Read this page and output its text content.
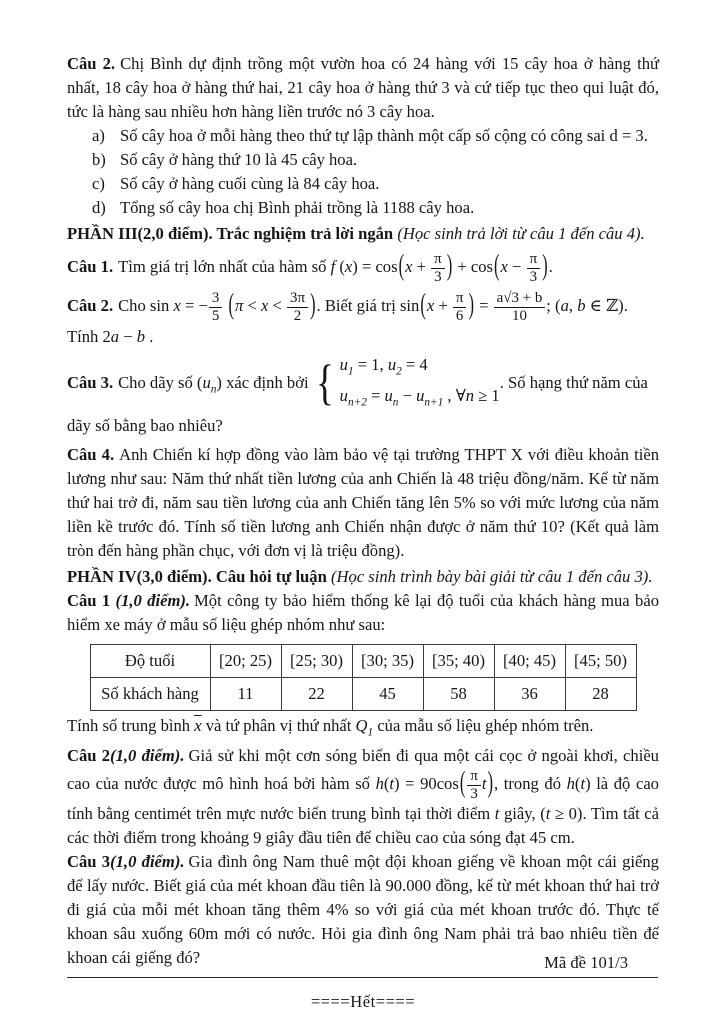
Câu 2. Chị Bình dự định trồng một vườn hoa có 24 hàng với 15 cây hoa ở hàng thứ nhất, 18 cây hoa ở hàng thứ hai, 21 cây hoa ở hàng thứ 3 và cứ tiếp tục theo qui luật đó, tức là hàng sau nhiều hơn hàng liền trước nó 3 cây hoa.

a) Số cây hoa ở mỗi hàng theo thứ tự lập thành một cấp số cộng có công sai d = 3.

b) Số cây ở hàng thứ 10 là 45 cây hoa.

c) Số cây ở hàng cuối cùng là 84 cây hoa.

d) Tổng số cây hoa chị Bình phải trồng là 1188 cây hoa.

PHẦN III(2,0 điểm). Trắc nghiệm trả lời ngắn (Học sinh trả lời từ câu 1 đến câu 4).

Câu 1. Tìm giá trị lớn nhất của hàm số f $(x) = \cos(x + \frac{\pi}{3}$ ) + $\cos(x - \frac{\pi}{3}$ ).

Câu 2. Cho sin x = − $\frac{3}{5} (\pi < x < \frac{3\pi}{2}$ ). Biết giá trị $\sin(x + \frac{\pi}{6}$ ) = $\frac{a√3 + b}{10}$ ; (a, b ∈ ℤ). Tính 2a − b .

Câu 3. Cho dãy số $(u_n)$ xác định bởi { $u_1 = 1$, $u_2 = 4$
$u_{n+2} = u_n - u_{n+1}$ , ∀n ≥ 1
. Số hạng thứ năm của dãy số bằng bao nhiêu?

Câu 4. Anh Chiến kí hợp đồng vào làm bảo vệ tại trường THPT X với điều khoản tiền lương như sau: Năm thứ nhất tiền lương của anh Chiến là 48 triệu đồng/năm. Kể từ năm thứ hai trở đi, năm sau tiền lương của anh Chiến tăng lên 5% so với mức lương của năm liền kề trước đó. Tính số tiền lương anh Chiến nhận được ở năm thứ 10? (Kết quả làm tròn đến hàng phần chục, với đơn vị là triệu đồng).

PHẦN IV(3,0 điểm). Câu hỏi tự luận (Học sinh trình bày bài giải từ câu 1 đến câu 3).

Câu 1 (1,0 điểm). Một công ty bảo hiểm thống kê lại độ tuổi của khách hàng mua bảo hiểm xe máy ở mẫu số liệu ghép nhóm như sau:

Độ tuổi	[20; 25)	[25; 30)	[30; 35)	[35; 40)	[40; 45)	[45; 50)
Số khách hàng	11	22	45	58	36	28

Tính số trung bình $\overline{x}$ và tứ phân vị thứ nhất $Q_1$ của mẫu số liệu ghép nhóm trên.

Câu 2(1,0 điểm). Giả sử khi một cơn sóng biển đi qua một cái cọc ở ngoài khơi, chiều cao của nước được mô hình hoá bởi hàm số $h(t) = 90\cos( \frac{\pi}{3} t)$, trong đó h(t) là độ cao tính bằng centimét trên mực nước biển trung bình tại thời điểm t giây, (t ≥ 0). Tìm tất cả các thời điểm trong khoảng 9 giây đầu tiên để chiều cao của sóng đạt 45 cm.

Câu 3(1,0 điểm). Gia đình ông Nam thuê một đội khoan giếng về khoan một cái giếng để lấy nước. Biết giá của mét khoan đầu tiên là 90.000 đồng, kể từ mét khoan thứ hai trở đi giá của mỗi mét khoan tăng thêm 4% so với giá của mét khoan trước đó. Thực tế khoan sâu xuống 60m mới có nước. Hỏi gia đình ông Nam phải trả bao nhiêu tiền để khoan cái giếng đó?

====Hết====

Mã đề 101/3
